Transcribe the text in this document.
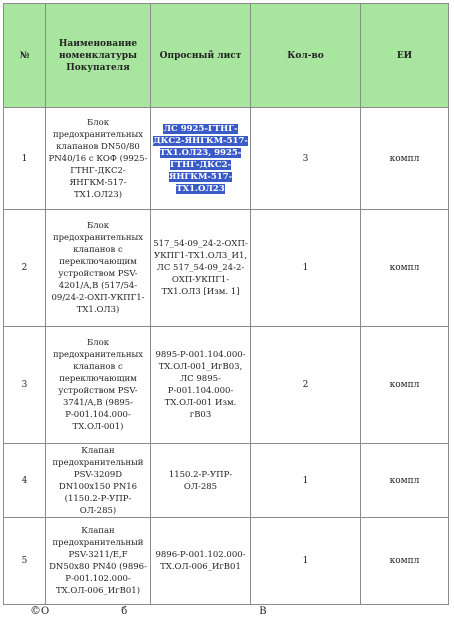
№	Наименование номенклатуры Покупателя	Опросный лист	Кол-во	ЕИ
1	Блок предохранительных клапанов DN50/80 PN40/16 с КОФ (9925-ГТНГ-ДКС2-ЯНГКМ-517-ТХ1.ОЛ23)	ЛС 9925-ГТНГ-ДКС2-ЯНГКМ-517-ТХ1.ОЛ23, 9925-ГТНГ-ДКС2-ЯНГКМ-517-ТХ1.ОЛ23	3	компл
2	Блок предохранительных клапанов с переключающим устройством PSV-4201/A,B (517/54-09/24-2-ОХП-УКПГ1-ТХ1.ОЛ3)	517_54-09_24-2-ОХП-УКПГ1-ТХ1.ОЛ3_И1, ЛС 517_54-09_24-2-ОХП-УКПГ1-ТХ1.ОЛ3 [Изм. 1]	1	компл
3	Блок предохранительных клапанов с переключающим устройством PSV-3741/A,B (9895-Р-001.104.000-ТХ.ОЛ-001)	9895-Р-001.104.000-ТХ.ОЛ-001_ИгВ03, ЛС 9895-Р-001.104.000-ТХ.ОЛ-001 Изм. гВ03	2	компл
4	Клапан предохранительный PSV-3209D DN100x150 PN16 (1150.2-Р-УПР-ОЛ-285)	1150.2-Р-УПР-ОЛ-285	1	компл
5	Клапан предохранительный PSV-3211/E,F DN50x80 PN40 (9896-Р-001.102.000-ТХ.ОЛ-006_ИгВ01)	9896-Р-001.102.000-ТХ.ОЛ-006_ИгВ01	1	компл
©О	б	В
